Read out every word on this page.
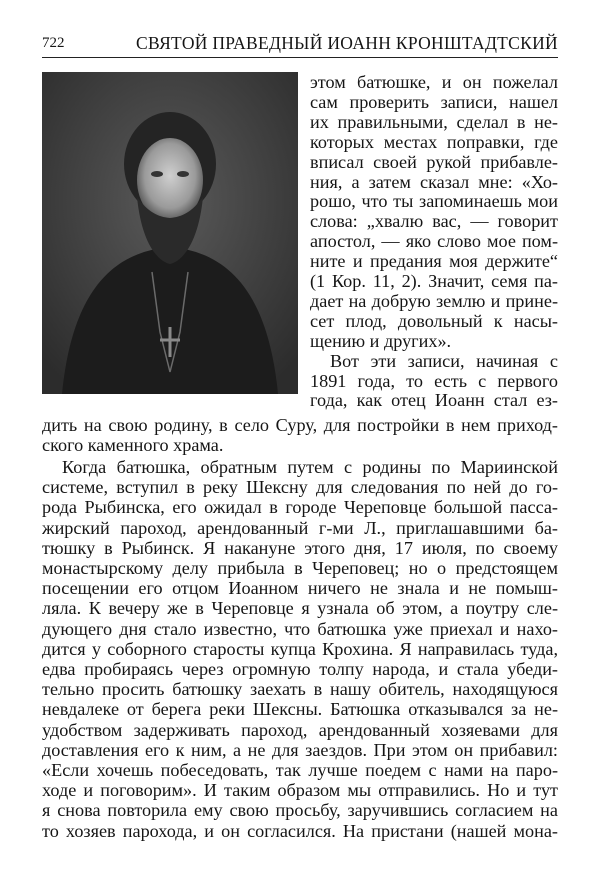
722	СВЯТОЙ ПРАВЕДНЫЙ ИОАНН КРОНШТАДТСКИЙ
этом батюшке, и он пожелал
сам проверить записи, нашел
их правильными, сделал в не-
которых местах поправки, где
вписал своей рукой прибавле-
ния, а затем сказал мне: «Хо-
рошо, что ты запоминаешь мои
слова: „хвалю вас, — говорит
апостол, — яко слово мое пом-
ните и предания моя держите“
(1 Кор. 11, 2). Значит, семя па-
дает на добрую землю и прине-
сет плод, довольный к насы-
щению и других».
Вот эти записи, начиная с
1891 года, то есть с первого
года, как отец Иоанн стал ез-
дить на свою родину, в село Суру, для постройки в нем приход-
ского каменного храма.
Когда батюшка, обратным путем с родины по Мариинской
системе, вступил в реку Шексну для следования по ней до го-
рода Рыбинска, его ожидал в городе Череповце большой пасса-
жирский пароход, арендованный г-ми Л., приглашавшими ба-
тюшку в Рыбинск. Я накануне этого дня, 17 июля, по своему
монастырскому делу прибыла в Череповец; но о предстоящем
посещении его отцом Иоанном ничего не знала и не помыш-
ляла. К вечеру же в Череповце я узнала об этом, а поутру сле-
дующего дня стало известно, что батюшка уже приехал и нахо-
дится у соборного старосты купца Крохина. Я направилась туда,
едва пробираясь через огромную толпу народа, и стала убеди-
тельно просить батюшку заехать в нашу обитель, находящуюся
невдалеке от берега реки Шексны. Батюшка отказывался за не-
удобством задерживать пароход, арендованный хозяевами для
доставления его к ним, а не для заездов. При этом он прибавил:
«Если хочешь побеседовать, так лучше поедем с нами на паро-
ходе и поговорим». И таким образом мы отправились. Но и тут
я снова повторила ему свою просьбу, заручившись согласием на
то хозяев парохода, и он согласился. На пристани (нашей мона-
